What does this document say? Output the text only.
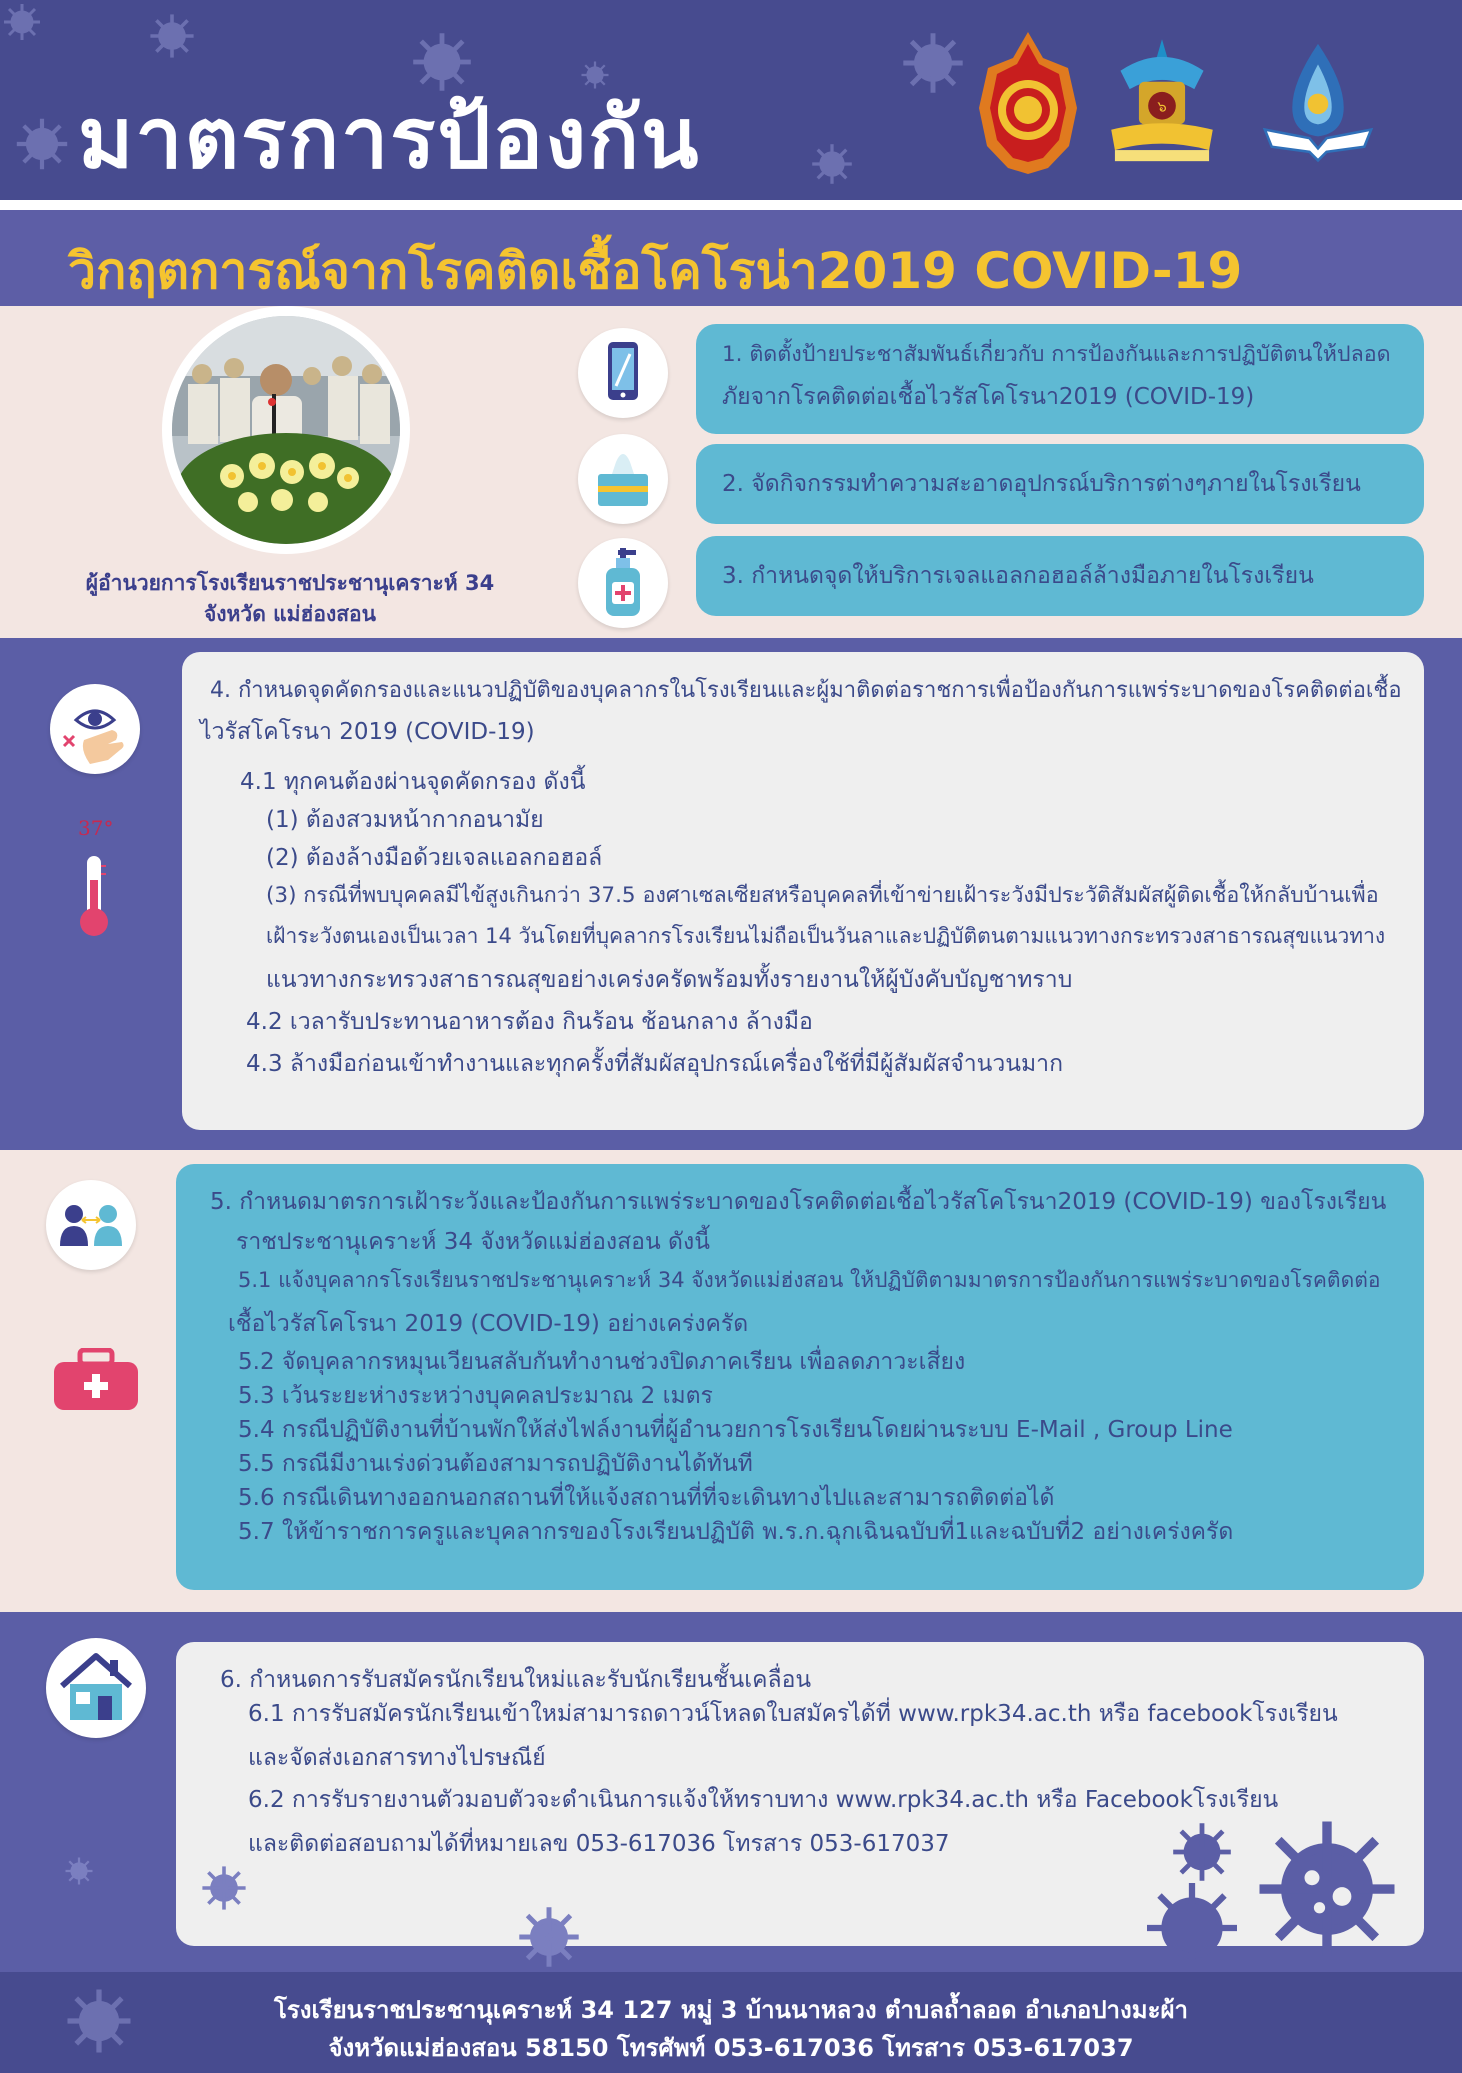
มาตรการป้องกัน	๖
วิกฤตการณ์จากโรคติดเชื้อโคโรน่า2019 COVID-19
ผู้อำนวยการโรงเรียนราชประชานุเคราะห์ 34
จังหวัด แม่ฮ่องสอน
1. ติดตั้งป้ายประชาสัมพันธ์เกี่ยวกับ การป้องกันและการปฏิบัติตนให้ปลอด
ภัยจากโรคติดต่อเชื้อไวรัสโคโรนา2019 (COVID-19)
2. จัดกิจกรรมทำความสะอาดอุปกรณ์บริการต่างๆภายในโรงเรียน
3. กำหนดจุดให้บริการเจลแอลกอฮอล์ล้างมือภายในโรงเรียน
37°
4. กำหนดจุดคัดกรองและแนวปฏิบัติของบุคลากรในโรงเรียนและผู้มาติดต่อราชการเพื่อป้องกันการแพร่ระบาดของโรคติดต่อเชื้อ
ไวรัสโคโรนา 2019 (COVID-19)
4.1 ทุกคนต้องผ่านจุดคัดกรอง ดังนี้
(1) ต้องสวมหน้ากากอนามัย
(2) ต้องล้างมือด้วยเจลแอลกอฮอล์
(3) กรณีที่พบบุคคลมีไข้สูงเกินกว่า 37.5 องศาเซลเซียสหรือบุคคลที่เข้าข่ายเฝ้าระวังมีประวัติสัมผัสผู้ติดเชื้อให้กลับบ้านเพื่อ
เฝ้าระวังตนเองเป็นเวลา 14 วันโดยที่บุคลากรโรงเรียนไม่ถือเป็นวันลาและปฏิบัติตนตามแนวทางกระทรวงสาธารณสุขแนวทาง
แนวทางกระทรวงสาธารณสุขอย่างเคร่งครัดพร้อมทั้งรายงานให้ผู้บังคับบัญชาทราบ
4.2 เวลารับประทานอาหารต้อง กินร้อน ช้อนกลาง ล้างมือ
4.3 ล้างมือก่อนเข้าทำงานและทุกครั้งที่สัมผัสอุปกรณ์เครื่องใช้ที่มีผู้สัมผัสจำนวนมาก
5. กำหนดมาตรการเฝ้าระวังและป้องกันการแพร่ระบาดของโรคติดต่อเชื้อไวรัสโคโรนา2019 (COVID-19) ของโรงเรียน
ราชประชานุเคราะห์ 34 จังหวัดแม่ฮ่องสอน ดังนี้
5.1 แจ้งบุคลากรโรงเรียนราชประชานุเคราะห์ 34 จังหวัดแม่ฮ่งสอน ให้ปฏิบัติตามมาตรการป้องกันการแพร่ระบาดของโรคติดต่อ
เชื้อไวรัสโคโรนา 2019 (COVID-19) อย่างเคร่งครัด
5.2 จัดบุคลากรหมุนเวียนสลับกันทำงานช่วงปิดภาคเรียน เพื่อลดภาวะเสี่ยง
5.3 เว้นระยะห่างระหว่างบุคคลประมาณ 2 เมตร
5.4 กรณีปฏิบัติงานที่บ้านพักให้ส่งไฟล์งานที่ผู้อำนวยการโรงเรียนโดยผ่านระบบ E-Mail , Group Line
5.5 กรณีมีงานเร่งด่วนต้องสามารถปฏิบัติงานได้ทันที
5.6 กรณีเดินทางออกนอกสถานที่ให้แจ้งสถานที่ที่จะเดินทางไปและสามารถติดต่อได้
5.7 ให้ข้าราชการครูและบุคลากรของโรงเรียนปฏิบัติ พ.ร.ก.ฉุกเฉินฉบับที่1และฉบับที่2 อย่างเคร่งครัด
6. กำหนดการรับสมัครนักเรียนใหม่และรับนักเรียนชั้นเคลื่อน
6.1 การรับสมัครนักเรียนเข้าใหม่สามารถดาวน์โหลดใบสมัครได้ที่ www.rpk34.ac.th หรือ facebookโรงเรียน
และจัดส่งเอกสารทางไปรษณีย์
6.2 การรับรายงานตัวมอบตัวจะดำเนินการแจ้งให้ทราบทาง www.rpk34.ac.th หรือ Facebookโรงเรียน
และติดต่อสอบถามได้ที่หมายเลข 053-617036 โทรสาร 053-617037
โรงเรียนราชประชานุเคราะห์ 34 127 หมู่ 3 บ้านนาหลวง ตำบลถ้ำลอด อำเภอปางมะผ้า
จังหวัดแม่ฮ่องสอน 58150 โทรศัพท์ 053-617036 โทรสาร 053-617037
